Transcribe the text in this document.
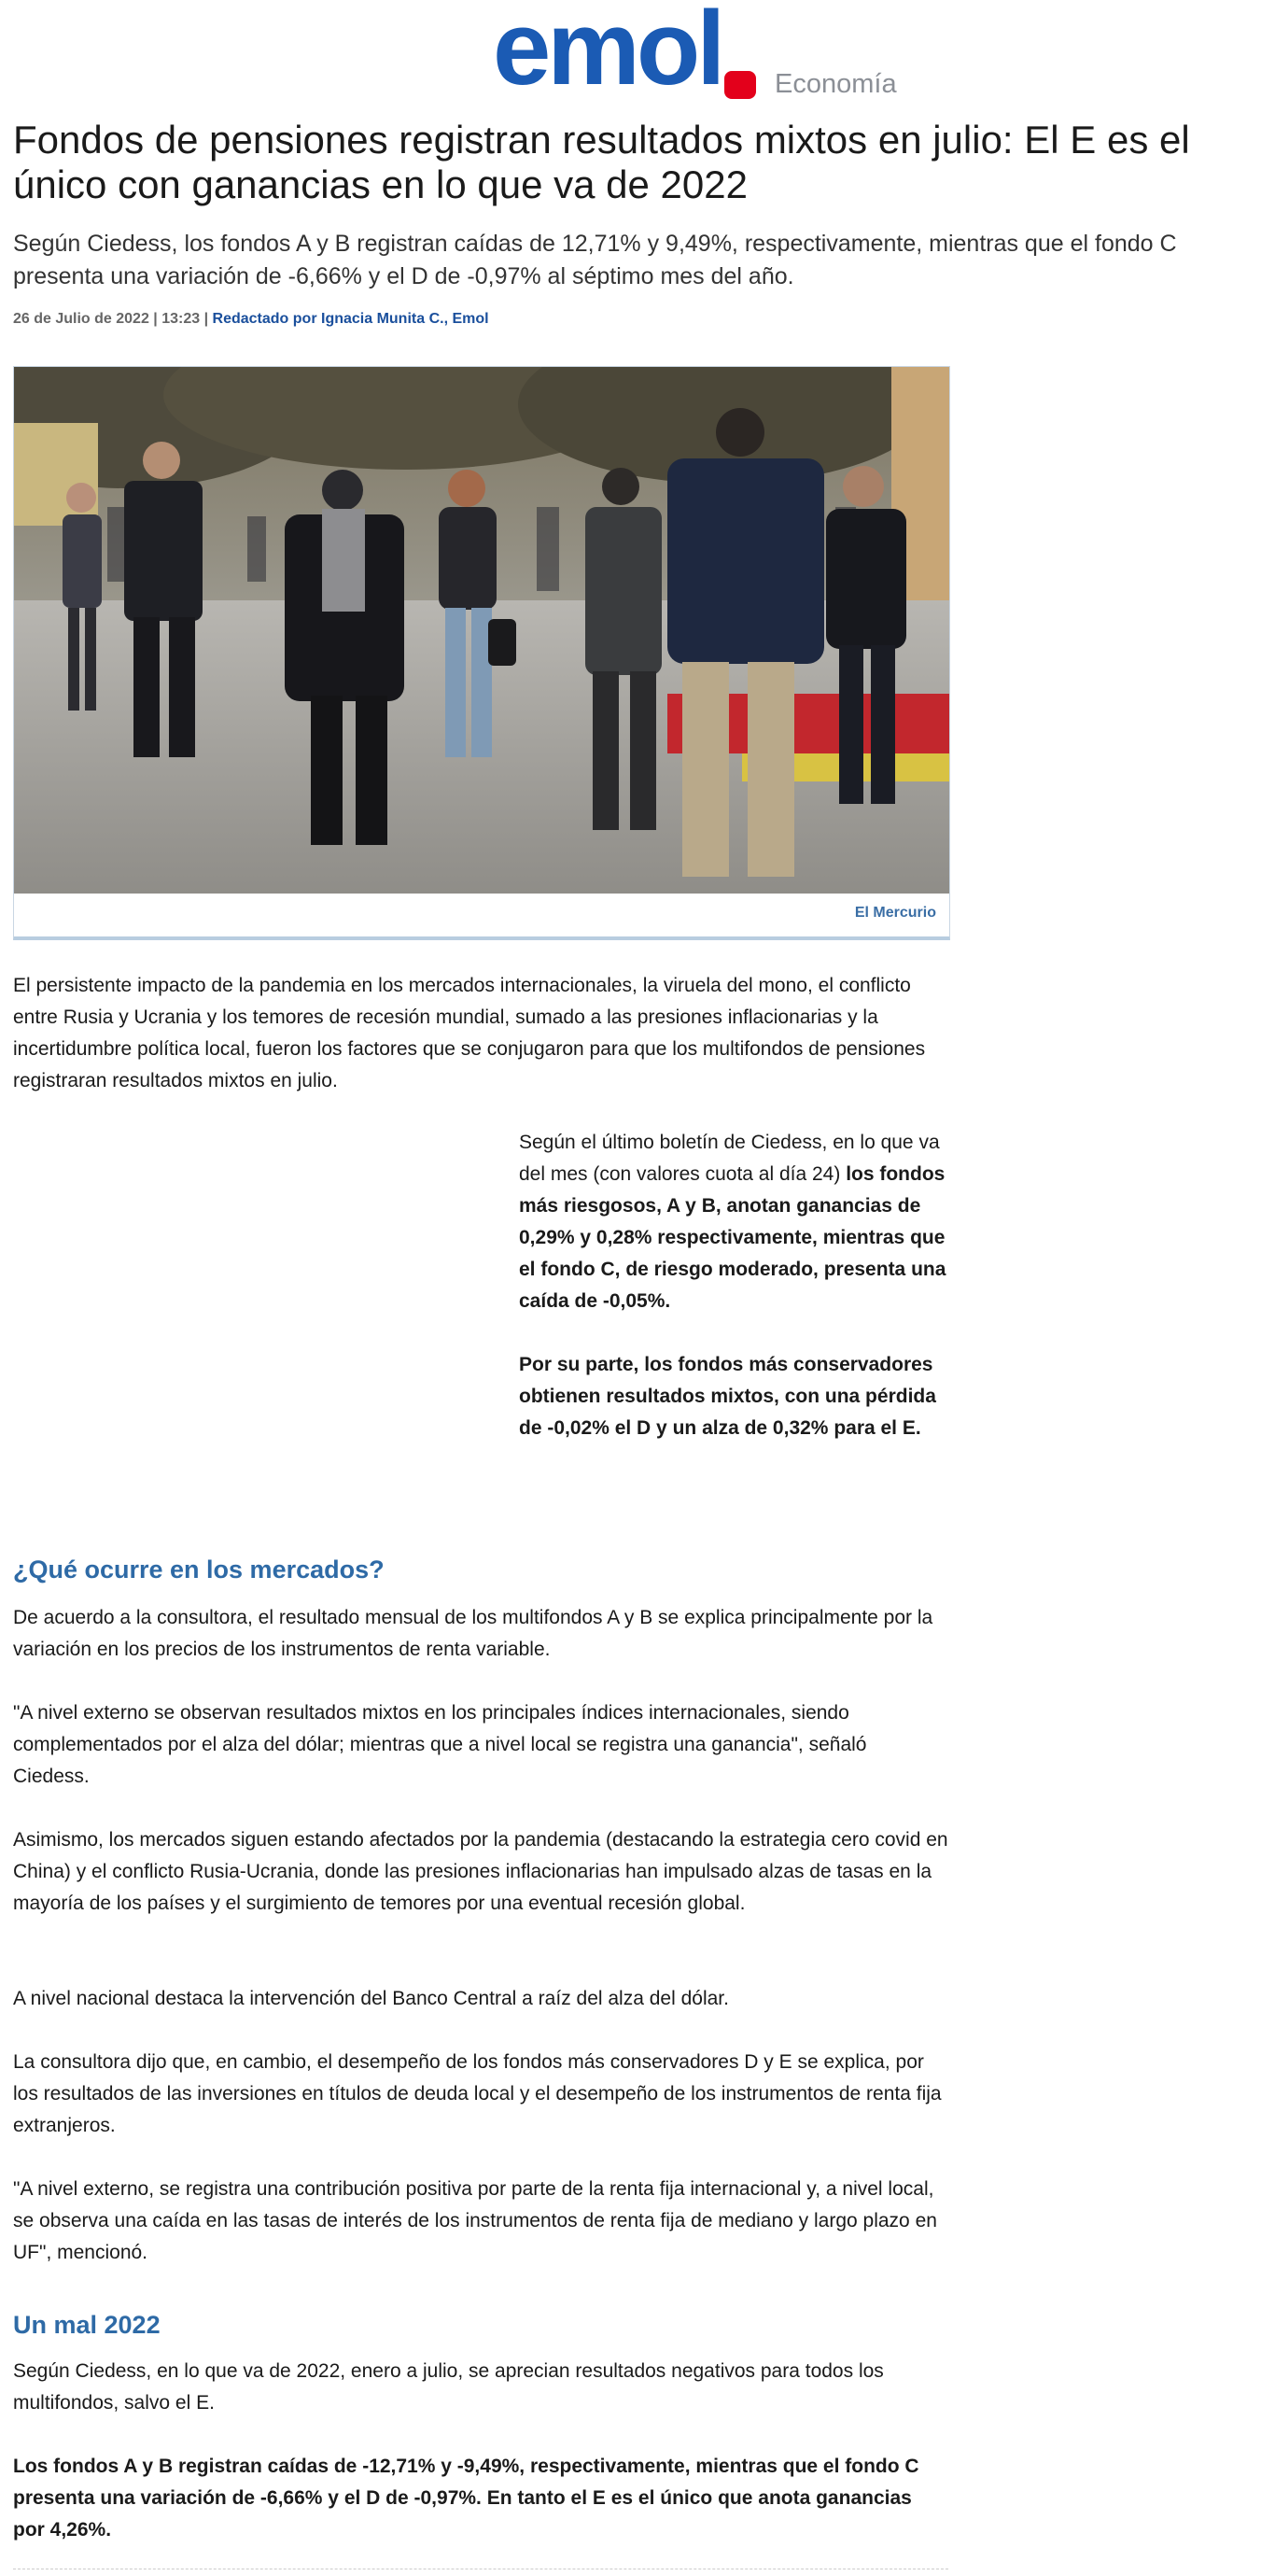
emol Economía
Fondos de pensiones registran resultados mixtos en julio: El E es el único con ganancias en lo que va de 2022

Según Ciedess, los fondos A y B registran caídas de 12,71% y 9,49%, respectivamente, mientras que el fondo C presenta una variación de -6,66% y el D de -0,97% al séptimo mes del año.

26 de Julio de 2022 | 13:23 | Redactado por Ignacia Munita C., Emol
El Mercurio

El persistente impacto de la pandemia en los mercados internacionales, la viruela del mono, el conflicto entre Rusia y Ucrania y los temores de recesión mundial, sumado a las presiones inflacionarias y la incertidumbre política local, fueron los factores que se conjugaron para que los multifondos de pensiones registraran resultados mixtos en julio.

Según el último boletín de Ciedess, en lo que va del mes (con valores cuota al día 24) los fondos más riesgosos, A y B, anotan ganancias de 0,29% y 0,28% respectivamente, mientras que el fondo C, de riesgo moderado, presenta una caída de -0,05%.

Por su parte, los fondos más conservadores obtienen resultados mixtos, con una pérdida de -0,02% el D y un alza de 0,32% para el E.

¿Qué ocurre en los mercados?

De acuerdo a la consultora, el resultado mensual de los multifondos A y B se explica principalmente por la variación en los precios de los instrumentos de renta variable.

"A nivel externo se observan resultados mixtos en los principales índices internacionales, siendo complementados por el alza del dólar; mientras que a nivel local se registra una ganancia", señaló Ciedess.

Asimismo, los mercados siguen estando afectados por la pandemia (destacando la estrategia cero covid en China) y el conflicto Rusia-Ucrania, donde las presiones inflacionarias han impulsado alzas de tasas en la mayoría de los países y el surgimiento de temores por una eventual recesión global.

A nivel nacional destaca la intervención del Banco Central a raíz del alza del dólar.

La consultora dijo que, en cambio, el desempeño de los fondos más conservadores D y E se explica, por los resultados de las inversiones en títulos de deuda local y el desempeño de los instrumentos de renta fija extranjeros.

"A nivel externo, se registra una contribución positiva por parte de la renta fija internacional y, a nivel local, se observa una caída en las tasas de interés de los instrumentos de renta fija de mediano y largo plazo en UF", mencionó.

Un mal 2022

Según Ciedess, en lo que va de 2022, enero a julio, se aprecian resultados negativos para todos los multifondos, salvo el E.

Los fondos A y B registran caídas de -12,71% y -9,49%, respectivamente, mientras que el fondo C presenta una variación de -6,66% y el D de -0,97%. En tanto el E es el único que anota ganancias por 4,26%.
